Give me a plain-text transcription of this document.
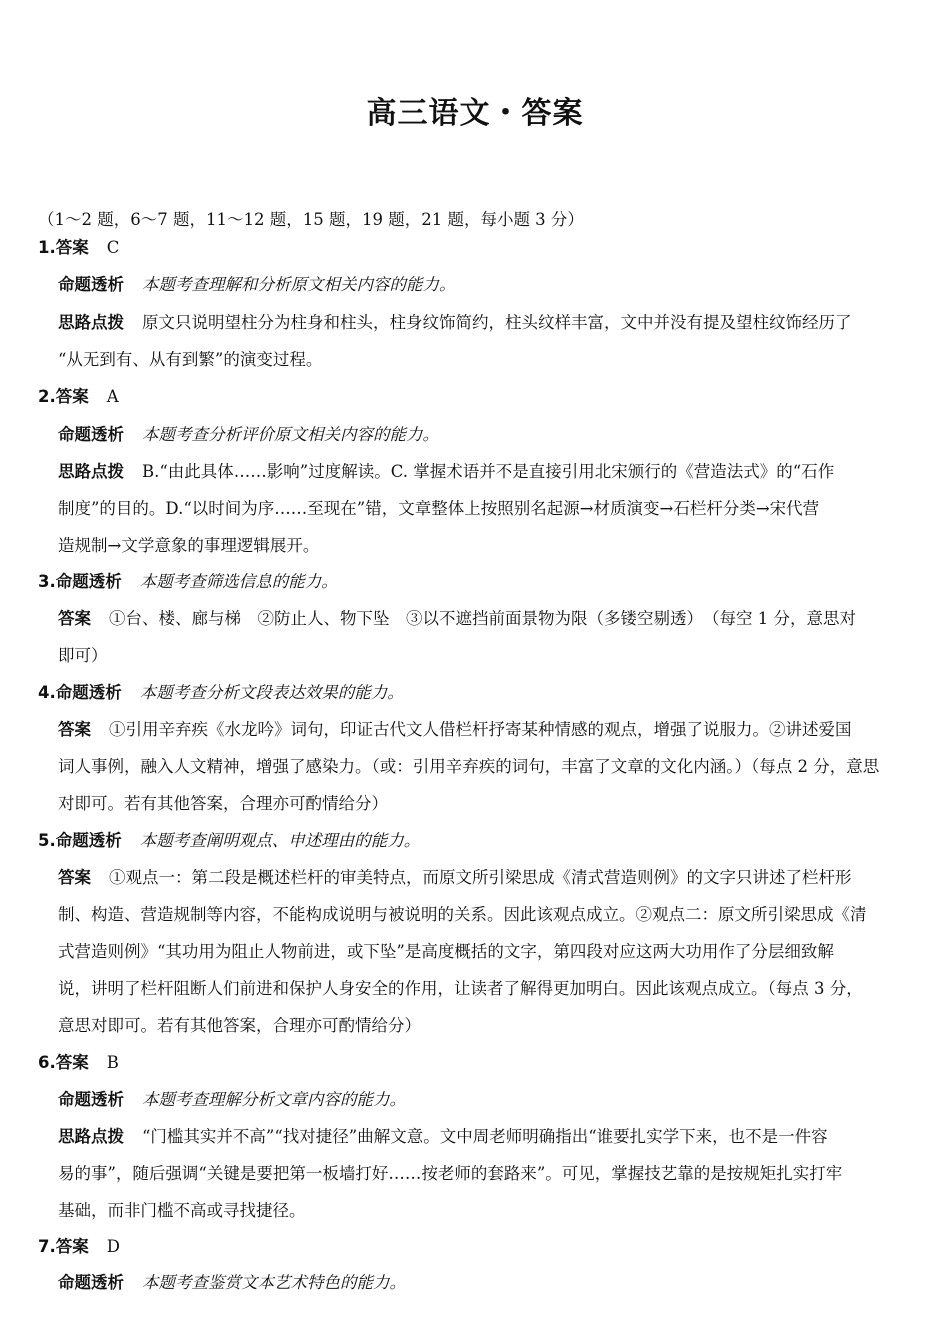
高三语文・答案
（1～2 题，6～7 题，11～12 题，15 题，19 题，21 题，每小题 3 分）
1.答案 C
命题透析 本题考查理解和分析原文相关内容的能力。
思路点拨 原文只说明望柱分为柱身和柱头，柱身纹饰简约，柱头纹样丰富，文中并没有提及望柱纹饰经历了
“从无到有、从有到繁”的演变过程。
2.答案 A
命题透析 本题考查分析评价原文相关内容的能力。
思路点拨 B.“由此具体……影响”过度解读。C. 掌握术语并不是直接引用北宋颁行的《营造法式》的“石作
制度”的目的。D.“以时间为序……至现在”错，文章整体上按照别名起源→材质演变→石栏杆分类→宋代营
造规制→文学意象的事理逻辑展开。
3.命题透析 本题考查筛选信息的能力。
答案 ①台、楼、廊与梯　②防止人、物下坠　③以不遮挡前面景物为限（多镂空剔透）　（每空 1 分，意思对
即可）
4.命题透析 本题考查分析文段表达效果的能力。
答案 ①引用辛弃疾《水龙吟》词句，印证古代文人借栏杆抒寄某种情感的观点，增强了说服力。②讲述爱国
词人事例，融入人文精神，增强了感染力。（或：引用辛弃疾的词句，丰富了文章的文化内涵。）（每点 2 分，意思
对即可。若有其他答案，合理亦可酌情给分）
5.命题透析 本题考查阐明观点、申述理由的能力。
答案 ①观点一：第二段是概述栏杆的审美特点，而原文所引梁思成《清式营造则例》的文字只讲述了栏杆形
制、构造、营造规制等内容，不能构成说明与被说明的关系。因此该观点成立。②观点二：原文所引梁思成《清
式营造则例》“其功用为阻止人物前进，或下坠”是高度概括的文字，第四段对应这两大功用作了分层细致解
说，讲明了栏杆阻断人们前进和保护人身安全的作用，让读者了解得更加明白。因此该观点成立。（每点 3 分，
意思对即可。若有其他答案，合理亦可酌情给分）
6.答案 B
命题透析 本题考查理解分析文章内容的能力。
思路点拨 “门槛其实并不高”“找对捷径”曲解文意。文中周老师明确指出“谁要扎实学下来，也不是一件容
易的事”，随后强调“关键是要把第一板墙打好……按老师的套路来”。可见，掌握技艺靠的是按规矩扎实打牢
基础，而非门槛不高或寻找捷径。
7.答案 D
命题透析 本题考查鉴赏文本艺术特色的能力。
